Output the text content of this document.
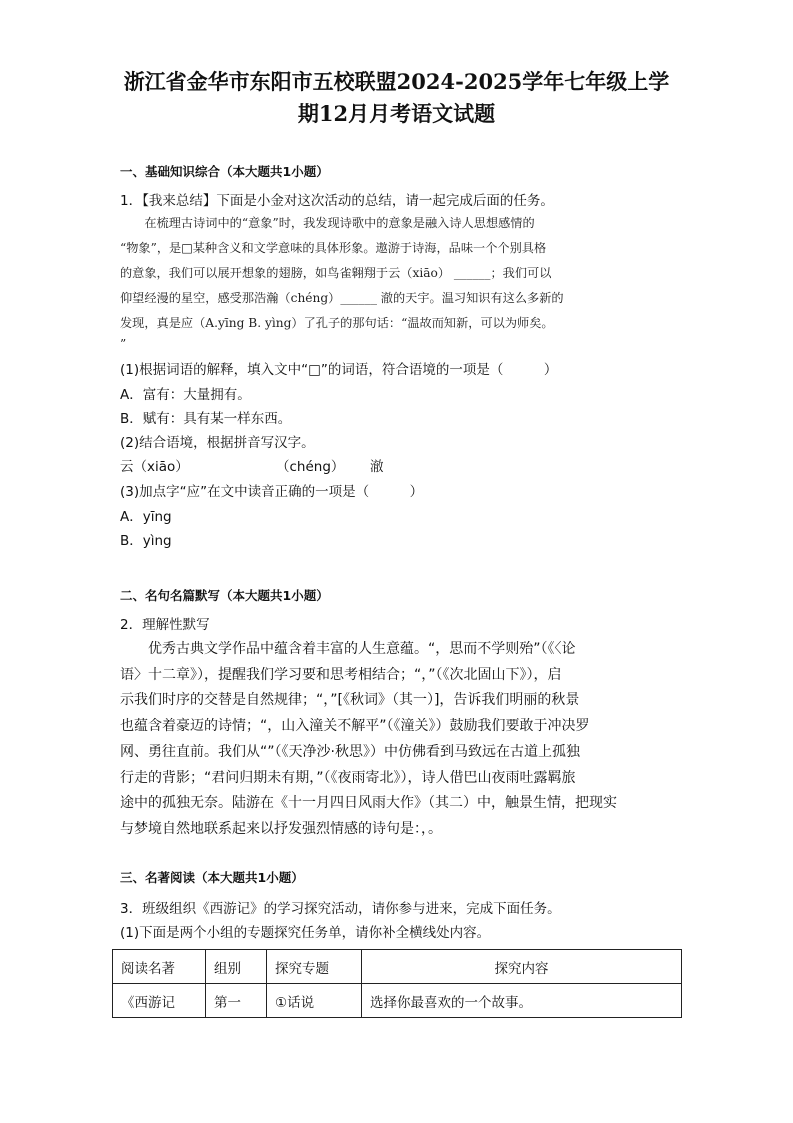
浙江省金华市东阳市五校联盟2024-2025学年七年级上学
期12月月考语文试题
一、基础知识综合（本大题共1小题）
1．【我来总结】下面是小金对这次活动的总结，请一起完成后面的任务。
　　在梳理古诗词中的“意象”时，我发现诗歌中的意象是融入诗人思想感情的
“物象”，是□某种含义和文学意味的具体形象。遨游于诗海，品味一个个别具格
的意象，我们可以展开想象的翅膀，如鸟雀翱翔于云（xiāo） ______；我们可以
仰望经漫的星空，感受那浩瀚（chéng）______ 澈的天宇。温习知识有这么多新的
发现，真是应（A.yīng B. yìng）了孔子的那句话：“温故而知新，可以为师矣。
”
(1)根据词语的解释，填入文中“□”的词语，符合语境的一项是（　　　）
A．富有：大量拥有。
B．赋有：具有某一样东西。
(2)结合语境，根据拼音写汉字。
云（xiāo）	（chéng） 澈
(3)加点字“应”在文中读音正确的一项是（　　　）
A．yīng
B．yìng
二、名句名篇默写（本大题共1小题）
2．理解性默写
　　优秀古典文学作品中蕴含着丰富的人生意蕴。“，思而不学则殆”（《〈论
语〉十二章》），提醒我们学习要和思考相结合；“，”（《次北固山下》），启
示我们时序的交替是自然规律；“，”[《秋词》（其一）]，告诉我们明丽的秋景
也蕴含着豪迈的诗情；“，山入潼关不解平”（《潼关》）鼓励我们要敢于冲决罗
网、勇往直前。我们从“”（《天净沙·秋思》）中仿佛看到马致远在古道上孤独
行走的背影；“君问归期未有期，”（《夜雨寄北》），诗人借巴山夜雨吐露羁旅
途中的孤独无奈。陆游在《十一月四日风雨大作》（其二）中，触景生情，把现实
与梦境自然地联系起来以抒发强烈情感的诗句是：，。
三、名著阅读（本大题共1小题）
3．班级组织《西游记》的学习探究活动，请你参与进来，完成下面任务。
(1)下面是两个小组的专题探究任务单，请你补全横线处内容。
阅读名著	组别	探究专题	探究内容
《西游记	第一	①话说	选择你最喜欢的一个故事。
